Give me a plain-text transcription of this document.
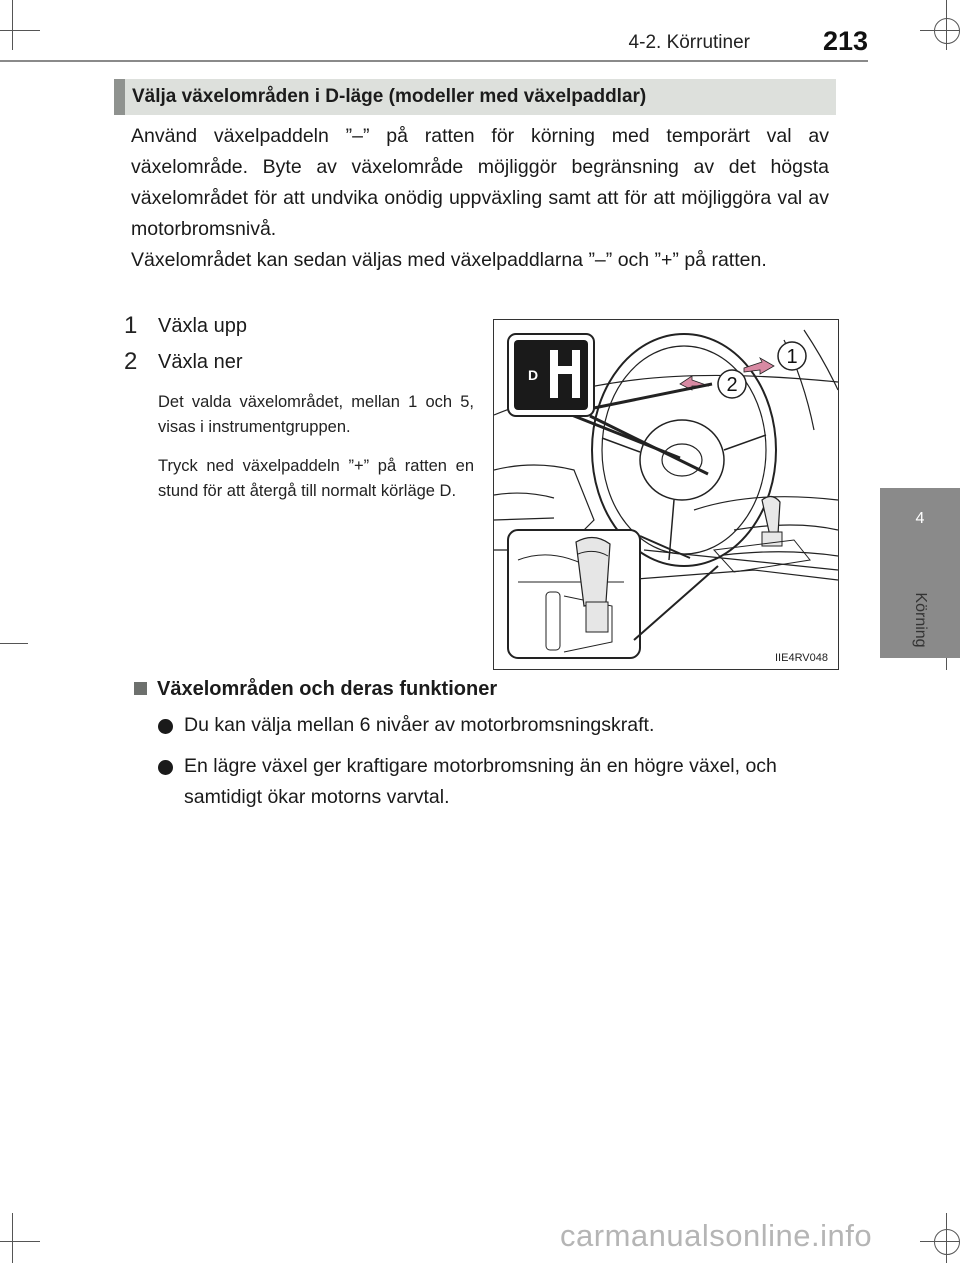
4-2. Körrutiner	213
4
Körning
Välja växelområden i D-läge (modeller med växelpaddlar)
Använd växelpaddeln ”–” på ratten för körning med temporärt val av växelområde. Byte av växelområde möjliggör begränsning av det högsta växelområdet för att undvika onödig uppväxling samt att för att möjliggöra val av motorbromsnivå.
Växelområdet kan sedan väljas med växelpaddlarna ”–” och ”+” på ratten.
1 Växla upp
2 Växla ner
Det valda växelområdet, mellan 1 och 5, visas i instrumentgruppen.
Tryck ned växelpaddeln ”+” på ratten en stund för att återgå till normalt körläge D.
1
2
D
IIE4RV048
Växelområden och deras funktioner
Du kan välja mellan 6 nivåer av motorbromsningskraft.
En lägre växel ger kraftigare motorbromsning än en högre växel, och samtidigt ökar motorns varvtal.
carmanualsonline.info
